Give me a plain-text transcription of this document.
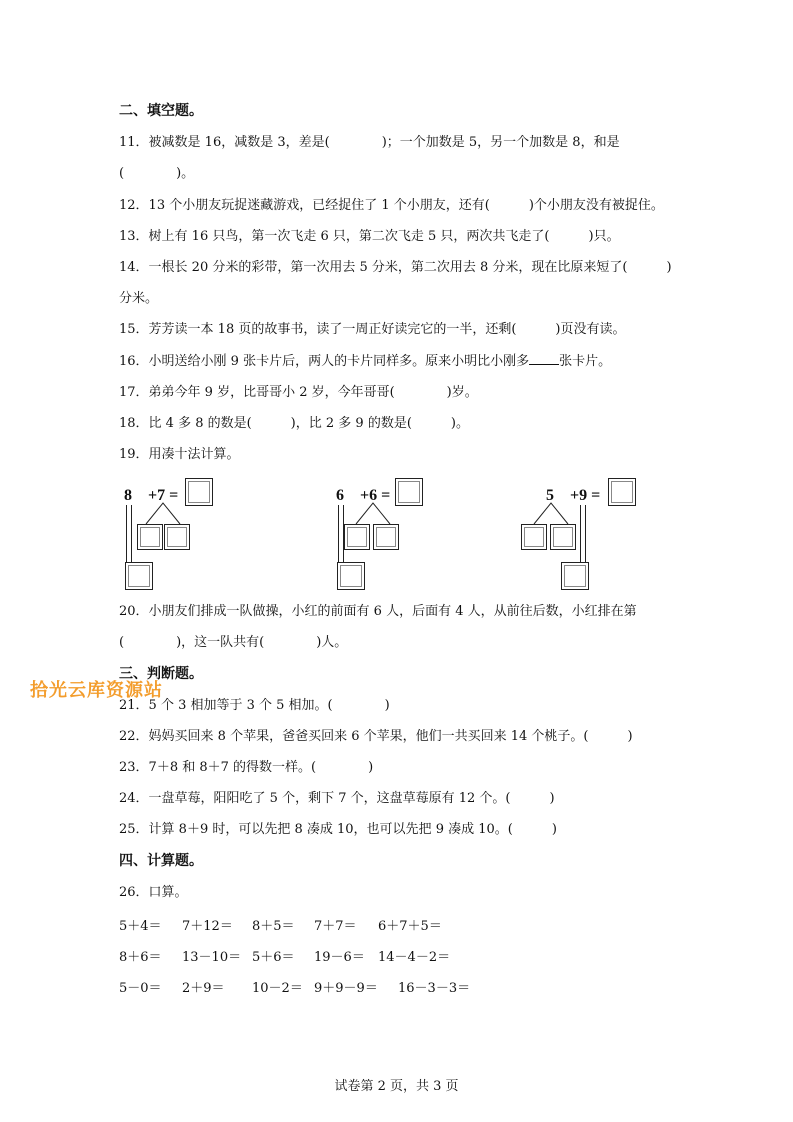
二、填空题。
11．被减数是 16，减数是 3，差是(　　　　)；一个加数是 5，另一个加数是 8，和是
(　　　　)。
12．13 个小朋友玩捉迷藏游戏，已经捉住了 1 个小朋友，还有(　　　)个小朋友没有被捉住。
13．树上有 16 只鸟，第一次飞走 6 只，第二次飞走 5 只，两次共飞走了(　　　)只。
14．一根长 20 分米的彩带，第一次用去 5 分米，第二次用去 8 分米，现在比原来短了(　　　)
分米。
15．芳芳读一本 18 页的故事书，读了一周正好读完它的一半，还剩(　　　)页没有读。
16．小明送给小刚 9 张卡片后，两人的卡片同样多。原来小明比小刚多 张卡片。
17．弟弟今年 9 岁，比哥哥小 2 岁，今年哥哥(　　　　)岁。
18．比 4 多 8 的数是(　　　)，比 2 多 9 的数是(　　　)。
19．用凑十法计算。
8　+7 =	6　+6 =	5　+9 =
20．小朋友们排成一队做操，小红的前面有 6 人，后面有 4 人，从前往后数，小红排在第
(　　　　)，这一队共有(　　　　)人。
三、判断题。
拾光云库资源站
21．5 个 3 相加等于 3 个 5 相加。(　　　　)
22．妈妈买回来 8 个苹果，爸爸买回来 6 个苹果，他们一共买回来 14 个桃子。(　　　)
23．7＋8 和 8＋7 的得数一样。(　　　　)
24．一盘草莓，阳阳吃了 5 个，剩下 7 个，这盘草莓原有 12 个。(　　　)
25．计算 8＋9 时，可以先把 8 凑成 10，也可以先把 9 凑成 10。(　　　)
四、计算题。
26．口算。
5＋4＝ 7＋12＝ 8＋5＝ 7＋7＝ 6＋7＋5＝
8＋6＝ 13－10＝ 5＋6＝ 19－6＝ 14－4－2＝
5－0＝ 2＋9＝ 10－2＝ 9＋9－9＝ 16－3－3＝
试卷第 2 页，共 3 页
